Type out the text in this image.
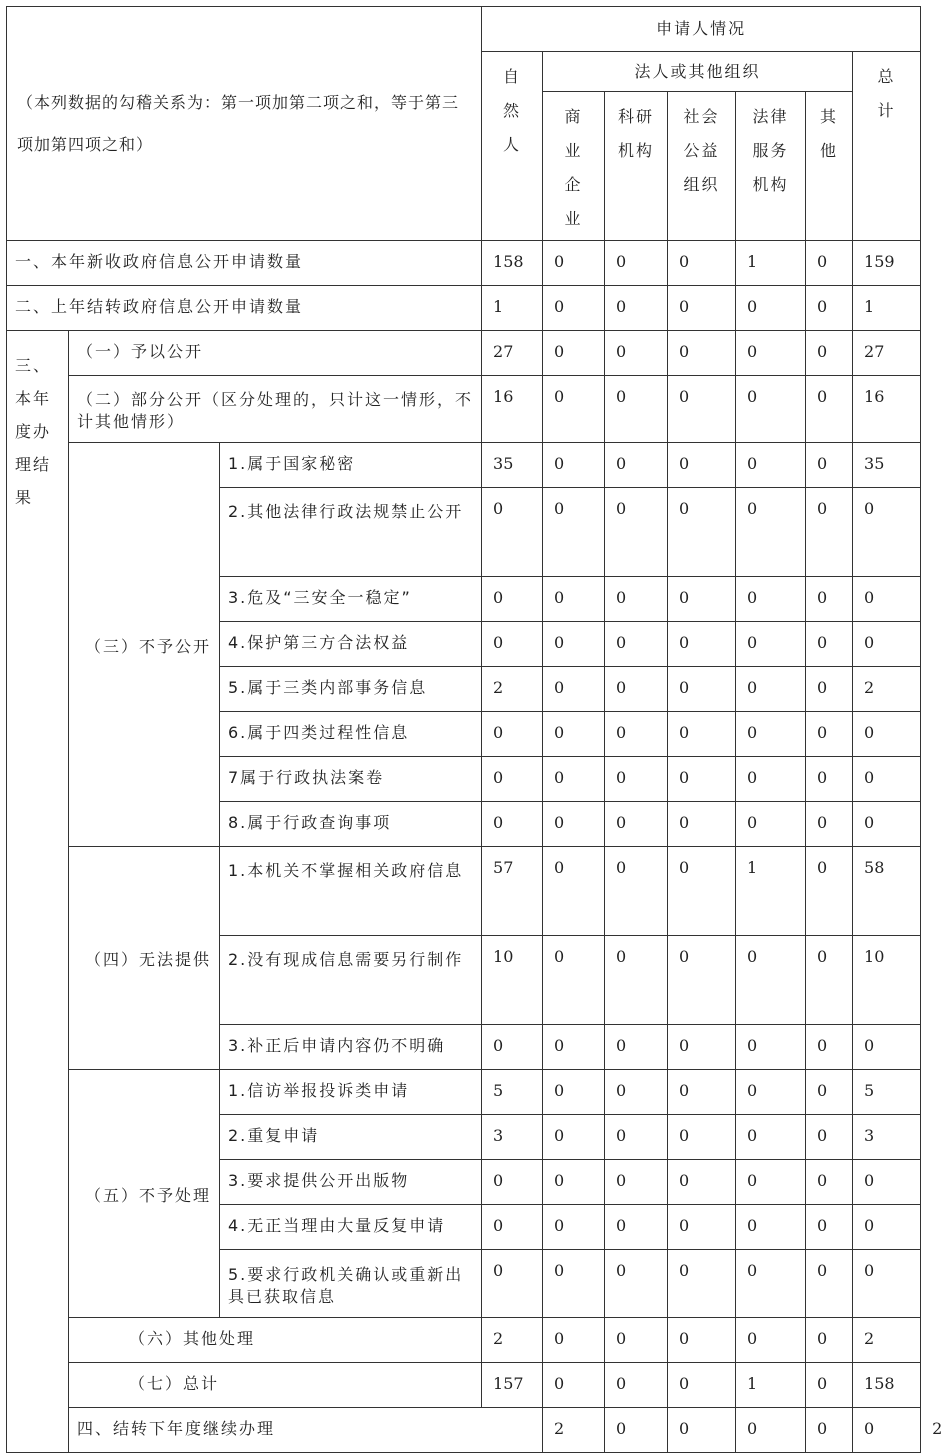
（本列数据的勾稽关系为：第一项加第二项之和，等于第三项加第四项之和）			申请人情况							

			自然人	法人或其他组织					总计	

				商业企业	科研机构	社会公益组织	法律服务机构	其他		

一、本年新收政府信息公开申请数量			158	0	0	0	1	0	159	
二、上年结转政府信息公开申请数量			1	0	0	0	0	0	1	
三、本年度办理结果	（一）予以公开		27	0	0	0	0	0	27	
	（二）部分公开（区分处理的，只计这一情形，不计其他情形）		16	0	0	0	0	0	16	
	（三）不予公开	1.属于国家秘密	35	0	0	0	0	0	35	
		2.其他法律行政法规禁止公开	0	0	0	0	0	0	0	
		3.危及“三安全一稳定”	0	0	0	0	0	0	0	
		4.保护第三方合法权益	0	0	0	0	0	0	0	
		5.属于三类内部事务信息	2	0	0	0	0	0	2	
		6.属于四类过程性信息	0	0	0	0	0	0	0	
		7属于行政执法案卷	0	0	0	0	0	0	0	
		8.属于行政查询事项	0	0	0	0	0	0	0	
	（四）无法提供	1.本机关不掌握相关政府信息	57	0	0	0	1	0	58	
		2.没有现成信息需要另行制作	10	0	0	0	0	0	10	
		3.补正后申请内容仍不明确	0	0	0	0	0	0	0	
	（五）不予处理	1.信访举报投诉类申请	5	0	0	0	0	0	5	
		2.重复申请	3	0	0	0	0	0	3	
		3.要求提供公开出版物	0	0	0	0	0	0	0	
		4.无正当理由大量反复申请	0	0	0	0	0	0	0	
		5.要求行政机关确认或重新出具已获取信息	0	0	0	0	0	0	0	
	（六）其他处理		2	0	0	0	0	0	2	
	（七）总计		157	0	0	0	1	0	158	
	四、结转下年度继续办理			2	0	0	0	0	0	2
